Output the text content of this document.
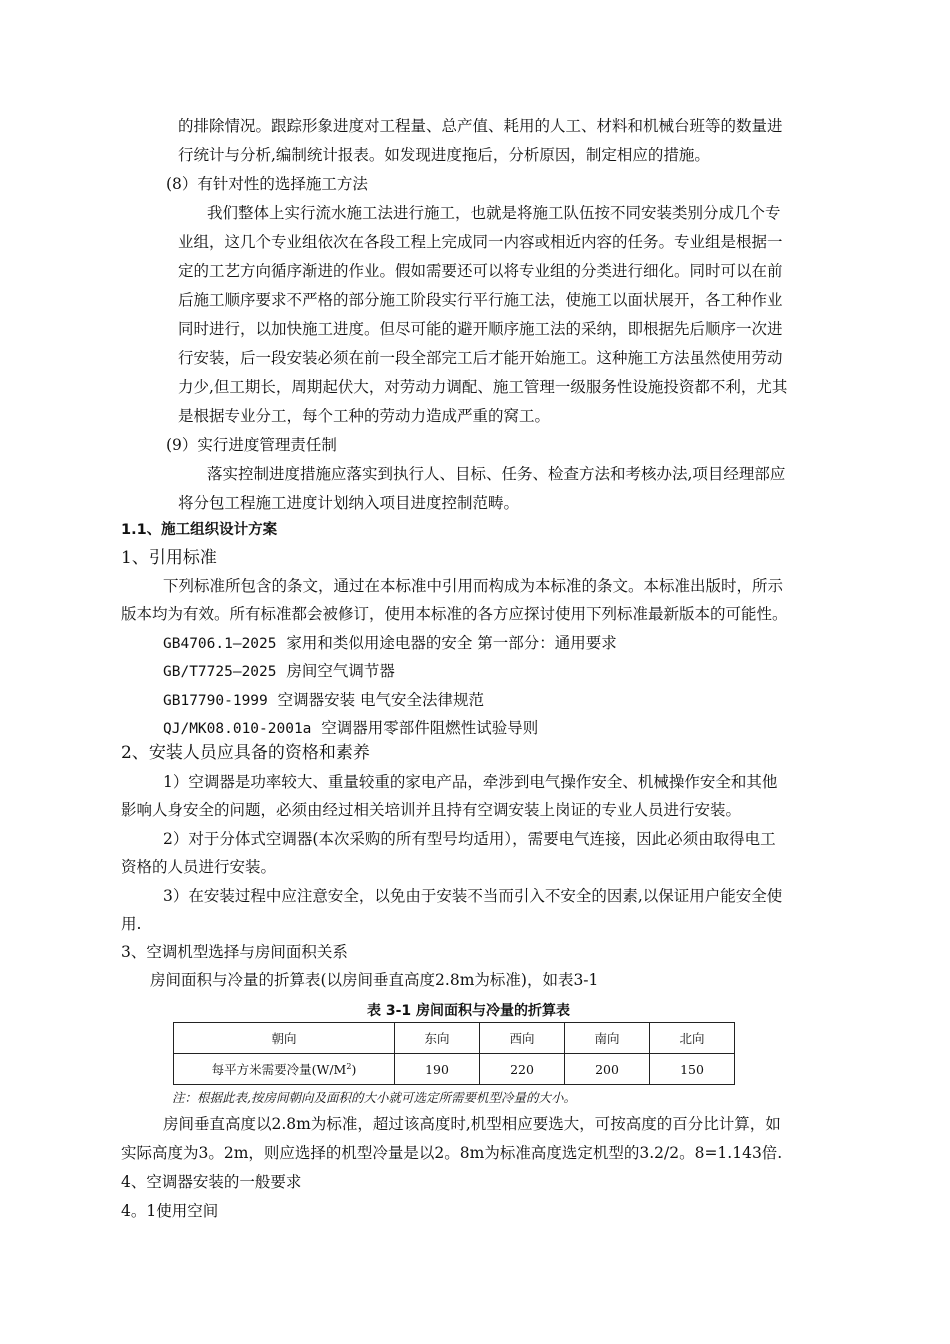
的排除情况。跟踪形象进度对工程量、总产值、耗用的人工、材料和机械台班等的数量进
行统计与分析,编制统计报表。如发现进度拖后，分析原因，制定相应的措施。
(8）有针对性的选择施工方法
我们整体上实行流水施工法进行施工，也就是将施工队伍按不同安装类别分成几个专
业组，这几个专业组依次在各段工程上完成同一内容或相近内容的任务。专业组是根据一
定的工艺方向循序渐进的作业。假如需要还可以将专业组的分类进行细化。同时可以在前
后施工顺序要求不严格的部分施工阶段实行平行施工法，使施工以面状展开，各工种作业
同时进行，以加快施工进度。但尽可能的避开顺序施工法的采纳，即根据先后顺序一次进
行安装，后一段安装必须在前一段全部完工后才能开始施工。这种施工方法虽然使用劳动
力少,但工期长，周期起伏大，对劳动力调配、施工管理一级服务性设施投资都不利，尤其
是根据专业分工，每个工种的劳动力造成严重的窝工。
(9）实行进度管理责任制
落实控制进度措施应落实到执行人、目标、任务、检查方法和考核办法,项目经理部应
将分包工程施工进度计划纳入项目进度控制范畴。
1.1、施工组织设计方案
1、引用标准
下列标准所包含的条文，通过在本标准中引用而构成为本标准的条文。本标准出版时，所示
版本均为有效。所有标准都会被修订，使用本标准的各方应探讨使用下列标准最新版本的可能性。
GB4706.1—2025 家用和类似用途电器的安全 第一部分：通用要求
GB/T7725—2025 房间空气调节器
GB17790-1999 空调器安装 电气安全法律规范
QJ/MK08.010-2001a 空调器用零部件阻燃性试验导则
2、安装人员应具备的资格和素养
1）空调器是功率较大、重量较重的家电产品，牵涉到电气操作安全、机械操作安全和其他
影响人身安全的问题，必须由经过相关培训并且持有空调安装上岗证的专业人员进行安装。
2）对于分体式空调器(本次采购的所有型号均适用），需要电气连接，因此必须由取得电工
资格的人员进行安装。
3）在安装过程中应注意安全，以免由于安装不当而引入不安全的因素,以保证用户能安全使
用.
3、空调机型选择与房间面积关系
房间面积与冷量的折算表(以房间垂直高度2.8m为标准)，如表3-1
表 3-1 房间面积与冷量的折算表
朝向	东向	西向	南向	北向
每平方米需要冷量$(W/M^2)$	190	220	200	150
注：根据此表,按房间朝向及面积的大小就可选定所需要机型冷量的大小。
房间垂直高度以2.8m为标准，超过该高度时,机型相应要选大，可按高度的百分比计算，如
实际高度为3。2m，则应选择的机型冷量是以2。8m为标准高度选定机型的3.2/2。8=1.143倍.
4、空调器安装的一般要求
4。1使用空间
